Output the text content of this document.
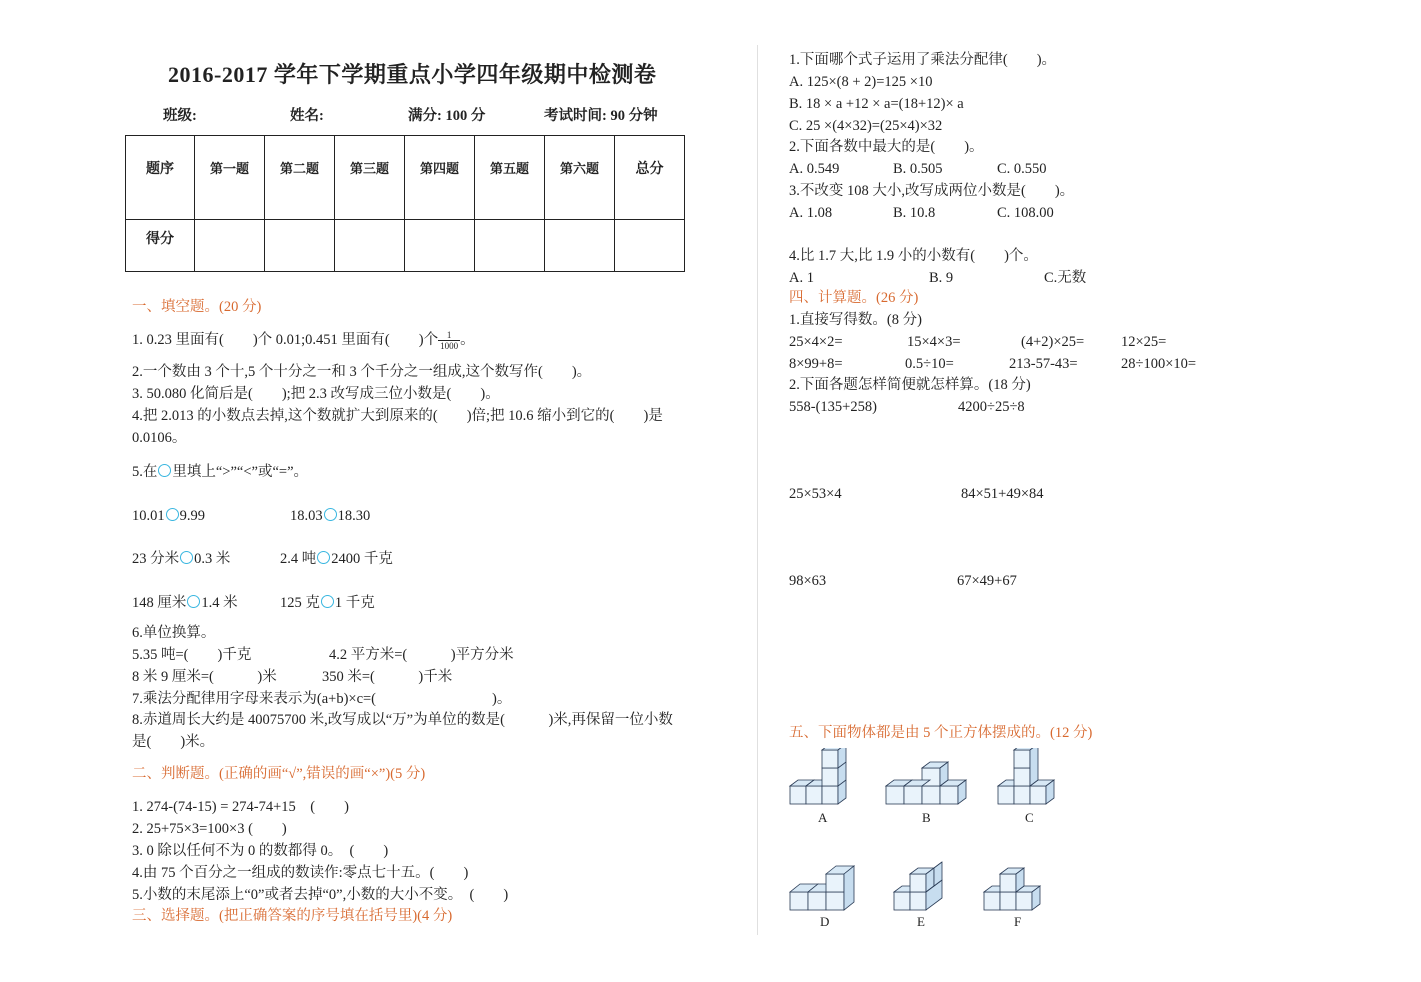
2016-2017 学年下学期重点小学四年级期中检测卷
班级:	姓名:	满分: 100 分	考试时间: 90 分钟
题序	第一题	第二题	第三题	第四题	第五题	第六题	总分
得分							
一、填空题。(20 分)
1. 0.23 里面有(　　)个 0.01;0.451 里面有(　　)个 $\frac{1}{1000}$ 。
2.一个数由 3 个十,5 个十分之一和 3 个千分之一组成,这个数写作(　　)。
3. 50.080 化简后是(　　);把 2.3 改写成三位小数是(　　)。
4.把 2.013 的小数点去掉,这个数就扩大到原来的(　　)倍;把 10.6 缩小到它的(　　)是
0.0106。
5.在 里填上“>”“<”或“=”。
10.01 9.99	18.03 18.30
23 分米 0.3 米	2.4 吨 2400 千克
148 厘米 1.4 米	125 克 1 千克
6.单位换算。
5.35 吨=(　　)千克	4.2 平方米=(　　　)平方分米
8 米 9 厘米=(　　　)米	350 米=(　　　)千米
7.乘法分配律用字母来表示为(a+b)×c=(　　　　　　　　)。
8.赤道周长大约是 40075700 米,改写成以“万”为单位的数是(　　　)米,再保留一位小数
是(　　)米。
二、判断题。(正确的画“√”,错误的画“×”)(5 分)
1. 274-(74-15) = 274-74+15　(　　)
2. 25+75×3=100×3 (　　)
3. 0 除以任何不为 0 的数都得 0。　(　　)
4.由 75 个百分之一组成的数读作:零点七十五。(　　)
5.小数的末尾添上“0”或者去掉“0”,小数的大小不变。　(　　)
三、选择题。(把正确答案的序号填在括号里)(4 分)
1.下面哪个式子运用了乘法分配律(　　)。
A. 125×(8 + 2)=125 ×10
B. 18 × a +12 × a=(18+12)× a
C. 25 ×(4×32)=(25×4)×32
2.下面各数中最大的是(　　)。
A. 0.549	B. 0.505	C. 0.550
3.不改变 108 大小,改写成两位小数是(　　)。
A. 1.08	B. 10.8	C. 108.00
4.比 1.7 大,比 1.9 小的小数有(　　)个。
A. 1	B. 9	C.无数
四、计算题。(26 分)
1.直接写得数。(8 分)
25×4×2=	15×4×3=	(4+2)×25=	12×25=
8×99+8=	0.5÷10=	213-57-43=	28÷100×10=
2.下面各题怎样简便就怎样算。(18 分)
558-(135+258)	4200÷25÷8
25×53×4	84×51+49×84
98×63	67×49+67
五、下面物体都是由 5 个正方体摆成的。(12 分)
A	B	C
D	E	F
